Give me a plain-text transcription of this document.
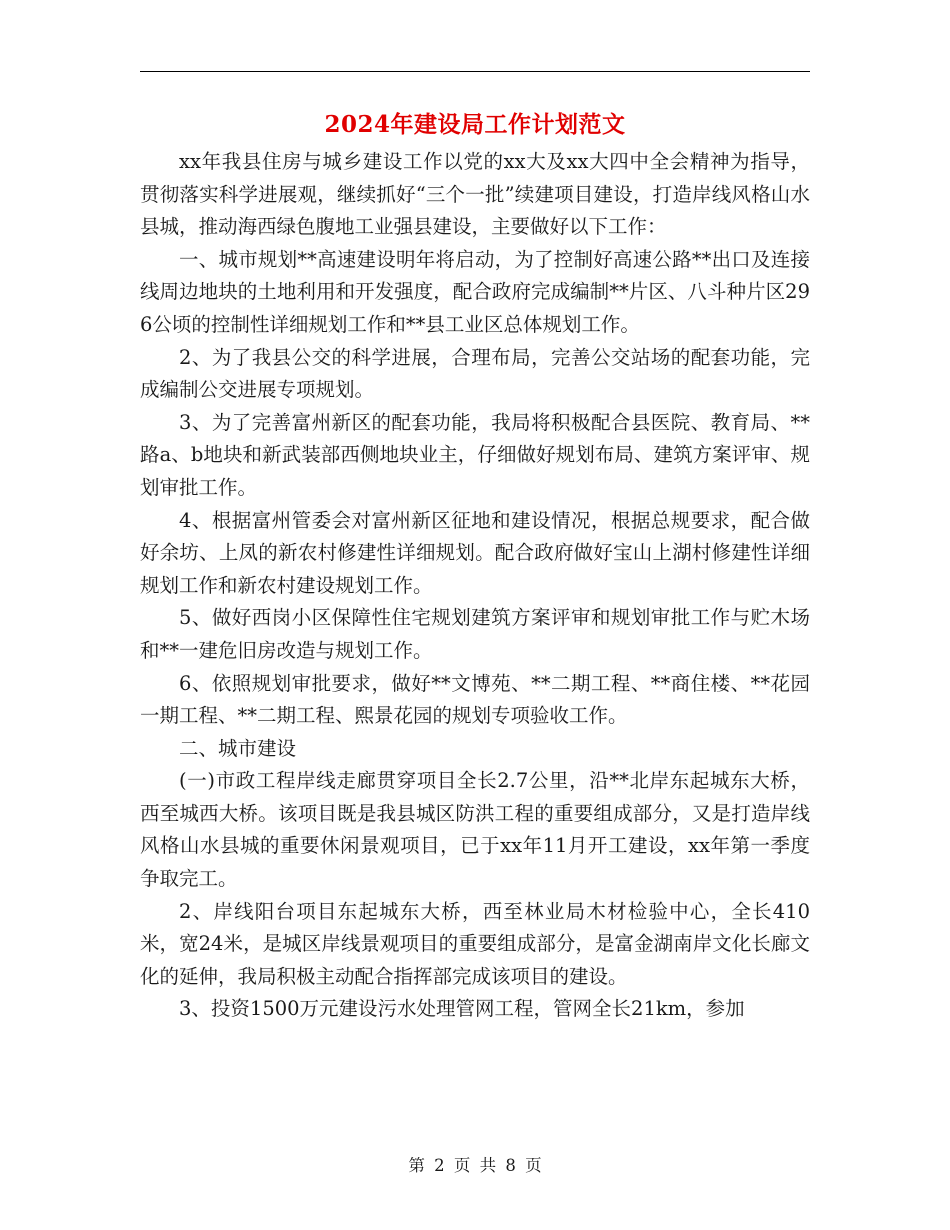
2024年建设局工作计划范文

xx年我县住房与城乡建设工作以党的xx大及xx大四中全会精神为指导，贯彻落实科学进展观，继续抓好“三个一批”续建项目建设，打造岸线风格山水县城，推动海西绿色腹地工业强县建设，主要做好以下工作：

一、城市规划**高速建设明年将启动，为了控制好高速公路**出口及连接线周边地块的土地利用和开发强度，配合政府完成编制**片区、八斗种片区296公顷的控制性详细规划工作和**县工业区总体规划工作。

2、为了我县公交的科学进展，合理布局，完善公交站场的配套功能，完成编制公交进展专项规划。

3、为了完善富州新区的配套功能，我局将积极配合县医院、教育局、**路a、b地块和新武装部西侧地块业主，仔细做好规划布局、建筑方案评审、规划审批工作。

4、根据富州管委会对富州新区征地和建设情况，根据总规要求，配合做好余坊、上凤的新农村修建性详细规划。配合政府做好宝山上湖村修建性详细规划工作和新农村建设规划工作。

5、做好西岗小区保障性住宅规划建筑方案评审和规划审批工作与贮木场和**一建危旧房改造与规划工作。

6、依照规划审批要求，做好**文博苑、**二期工程、**商住楼、**花园一期工程、**二期工程、熙景花园的规划专项验收工作。

二、城市建设

(一)市政工程岸线走廊贯穿项目全长2.7公里，沿**北岸东起城东大桥，西至城西大桥。该项目既是我县城区防洪工程的重要组成部分，又是打造岸线风格山水县城的重要休闲景观项目，已于xx年11月开工建设，xx年第一季度争取完工。

2、岸线阳台项目东起城东大桥，西至林业局木材检验中心，全长410米，宽24米，是城区岸线景观项目的重要组成部分，是富金湖南岸文化长廊文化的延伸，我局积极主动配合指挥部完成该项目的建设。

3、投资1500万元建设污水处理管网工程，管网全长21km，参加

第 2 页 共 8 页
